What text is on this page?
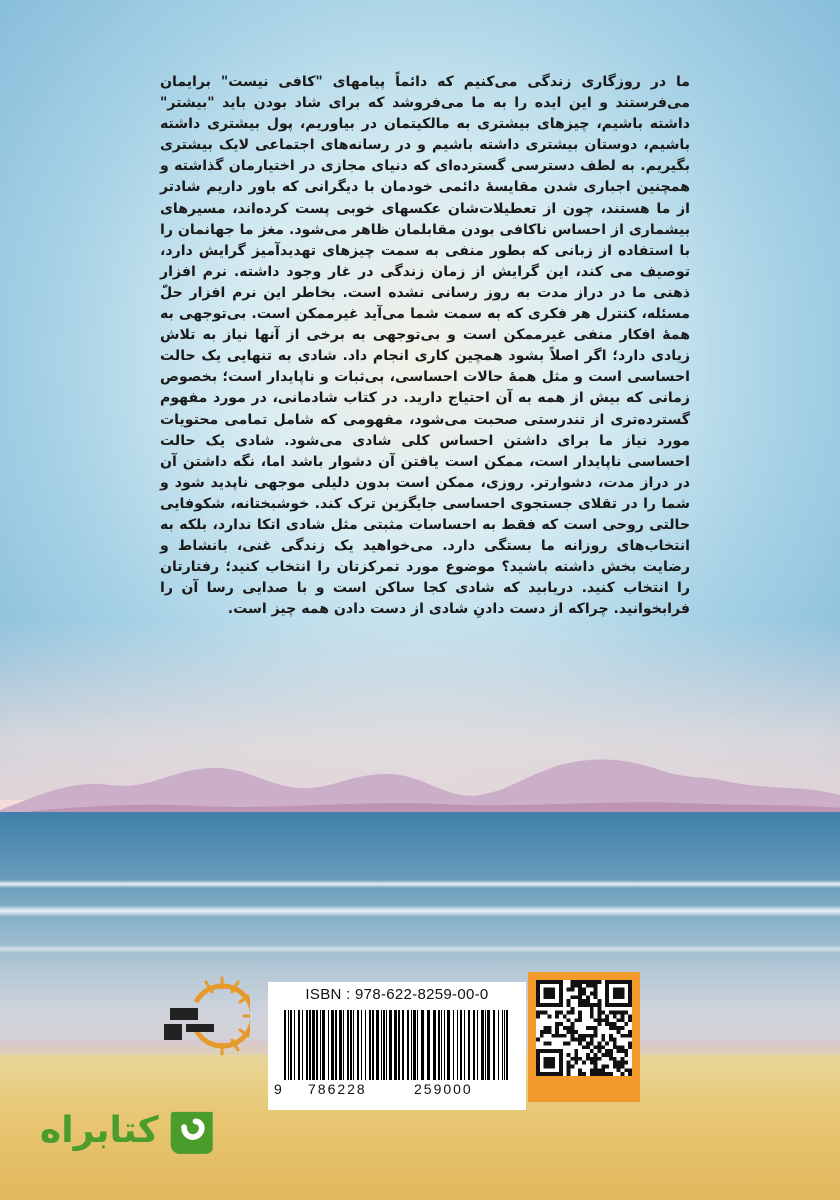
ما در روزگاری زندگی می‌کنیم که دائماً پیامهای "کافی نیست" برایمان می‌فرستند و این ایده را به ما می‌فروشد که برای شاد بودن باید "بیشتر" داشته باشیم، چیزهای بیشتری به مالکیتمان در بیاوریم، پول بیشتری داشته باشیم، دوستان بیشتری داشته باشیم و در رسانه‌های اجتماعی لایک بیشتری بگیریم. به لطف دسترسی گسترده‌ای که دنیای مجازی در اختیارمان گذاشته و همچنین اجباری شدن مقایسهٔ دائمی خودمان با دیگرانی که باور داریم شادتر از ما هستند، چون از تعطیلات‌شان عکسهای خوبی پست کرده‌اند، مسیرهای بیشماری از احساس ناکافی بودن مقابلمان ظاهر می‌شود. مغز ما جهانمان را با استفاده از زبانی که بطور منفی به سمت چیزهای تهدیدآمیز گرایش دارد، توصیف می کند، این گرایش از زمان زندگی در غار وجود داشته. نرم افزار ذهنی ما در دراز مدت به روز رسانی نشده است. بخاطر این نرم افزار حلّ مسئله، کنترل هر فکری که به سمت شما می‌آید غیرممکن است. بی‌توجهی به همهٔ افکار منفی غیرممکن است و بی‌توجهی به برخی از آنها نیاز به تلاش زیادی دارد؛ اگر اصلاً بشود همچین کاری انجام داد. شادی به تنهایی یک حالت احساسی است و مثل همهٔ حالات احساسی، بی‌ثبات و ناپایدار است؛ بخصوص زمانی که بیش از همه به آن احتیاج دارید. در کتاب شادمانی، در مورد مفهوم گسترده‌تری از تندرستی صحبت می‌شود، مفهومی که شامل تمامی محتویات مورد نیاز ما برای داشتن احساس کلی شادی می‌شود. شادی یک حالت احساسی ناپایدار است، ممکن است یافتن آن دشوار باشد اما، نگه داشتن آن در دراز مدت، دشوارتر. روزی، ممکن است بدون دلیلی موجهی ناپدید شود و شما را در تقلای جستجوی احساسی جایگزین ترک کند. خوشبختانه، شکوفایی حالتی روحی است که فقط به احساسات مثبتی مثل شادی اتکا ندارد، بلکه به انتخاب‌های روزانه ما بستگی دارد. می‌خواهید یک زندگی غنی، بانشاط و رضایت بخش داشته باشید؟ موضوع مورد تمرکزتان را انتخاب کنید؛ رفتارتان را انتخاب کنید. دریابید که شادی کجا ساکن است و با صدایی رسا آن را فرابخوانید. چراکه از دست دادنِ شادی از دست دادن همه چیز است.

ISBN : 978-622-8259-00-0
9 786228	259000
کتابراه
